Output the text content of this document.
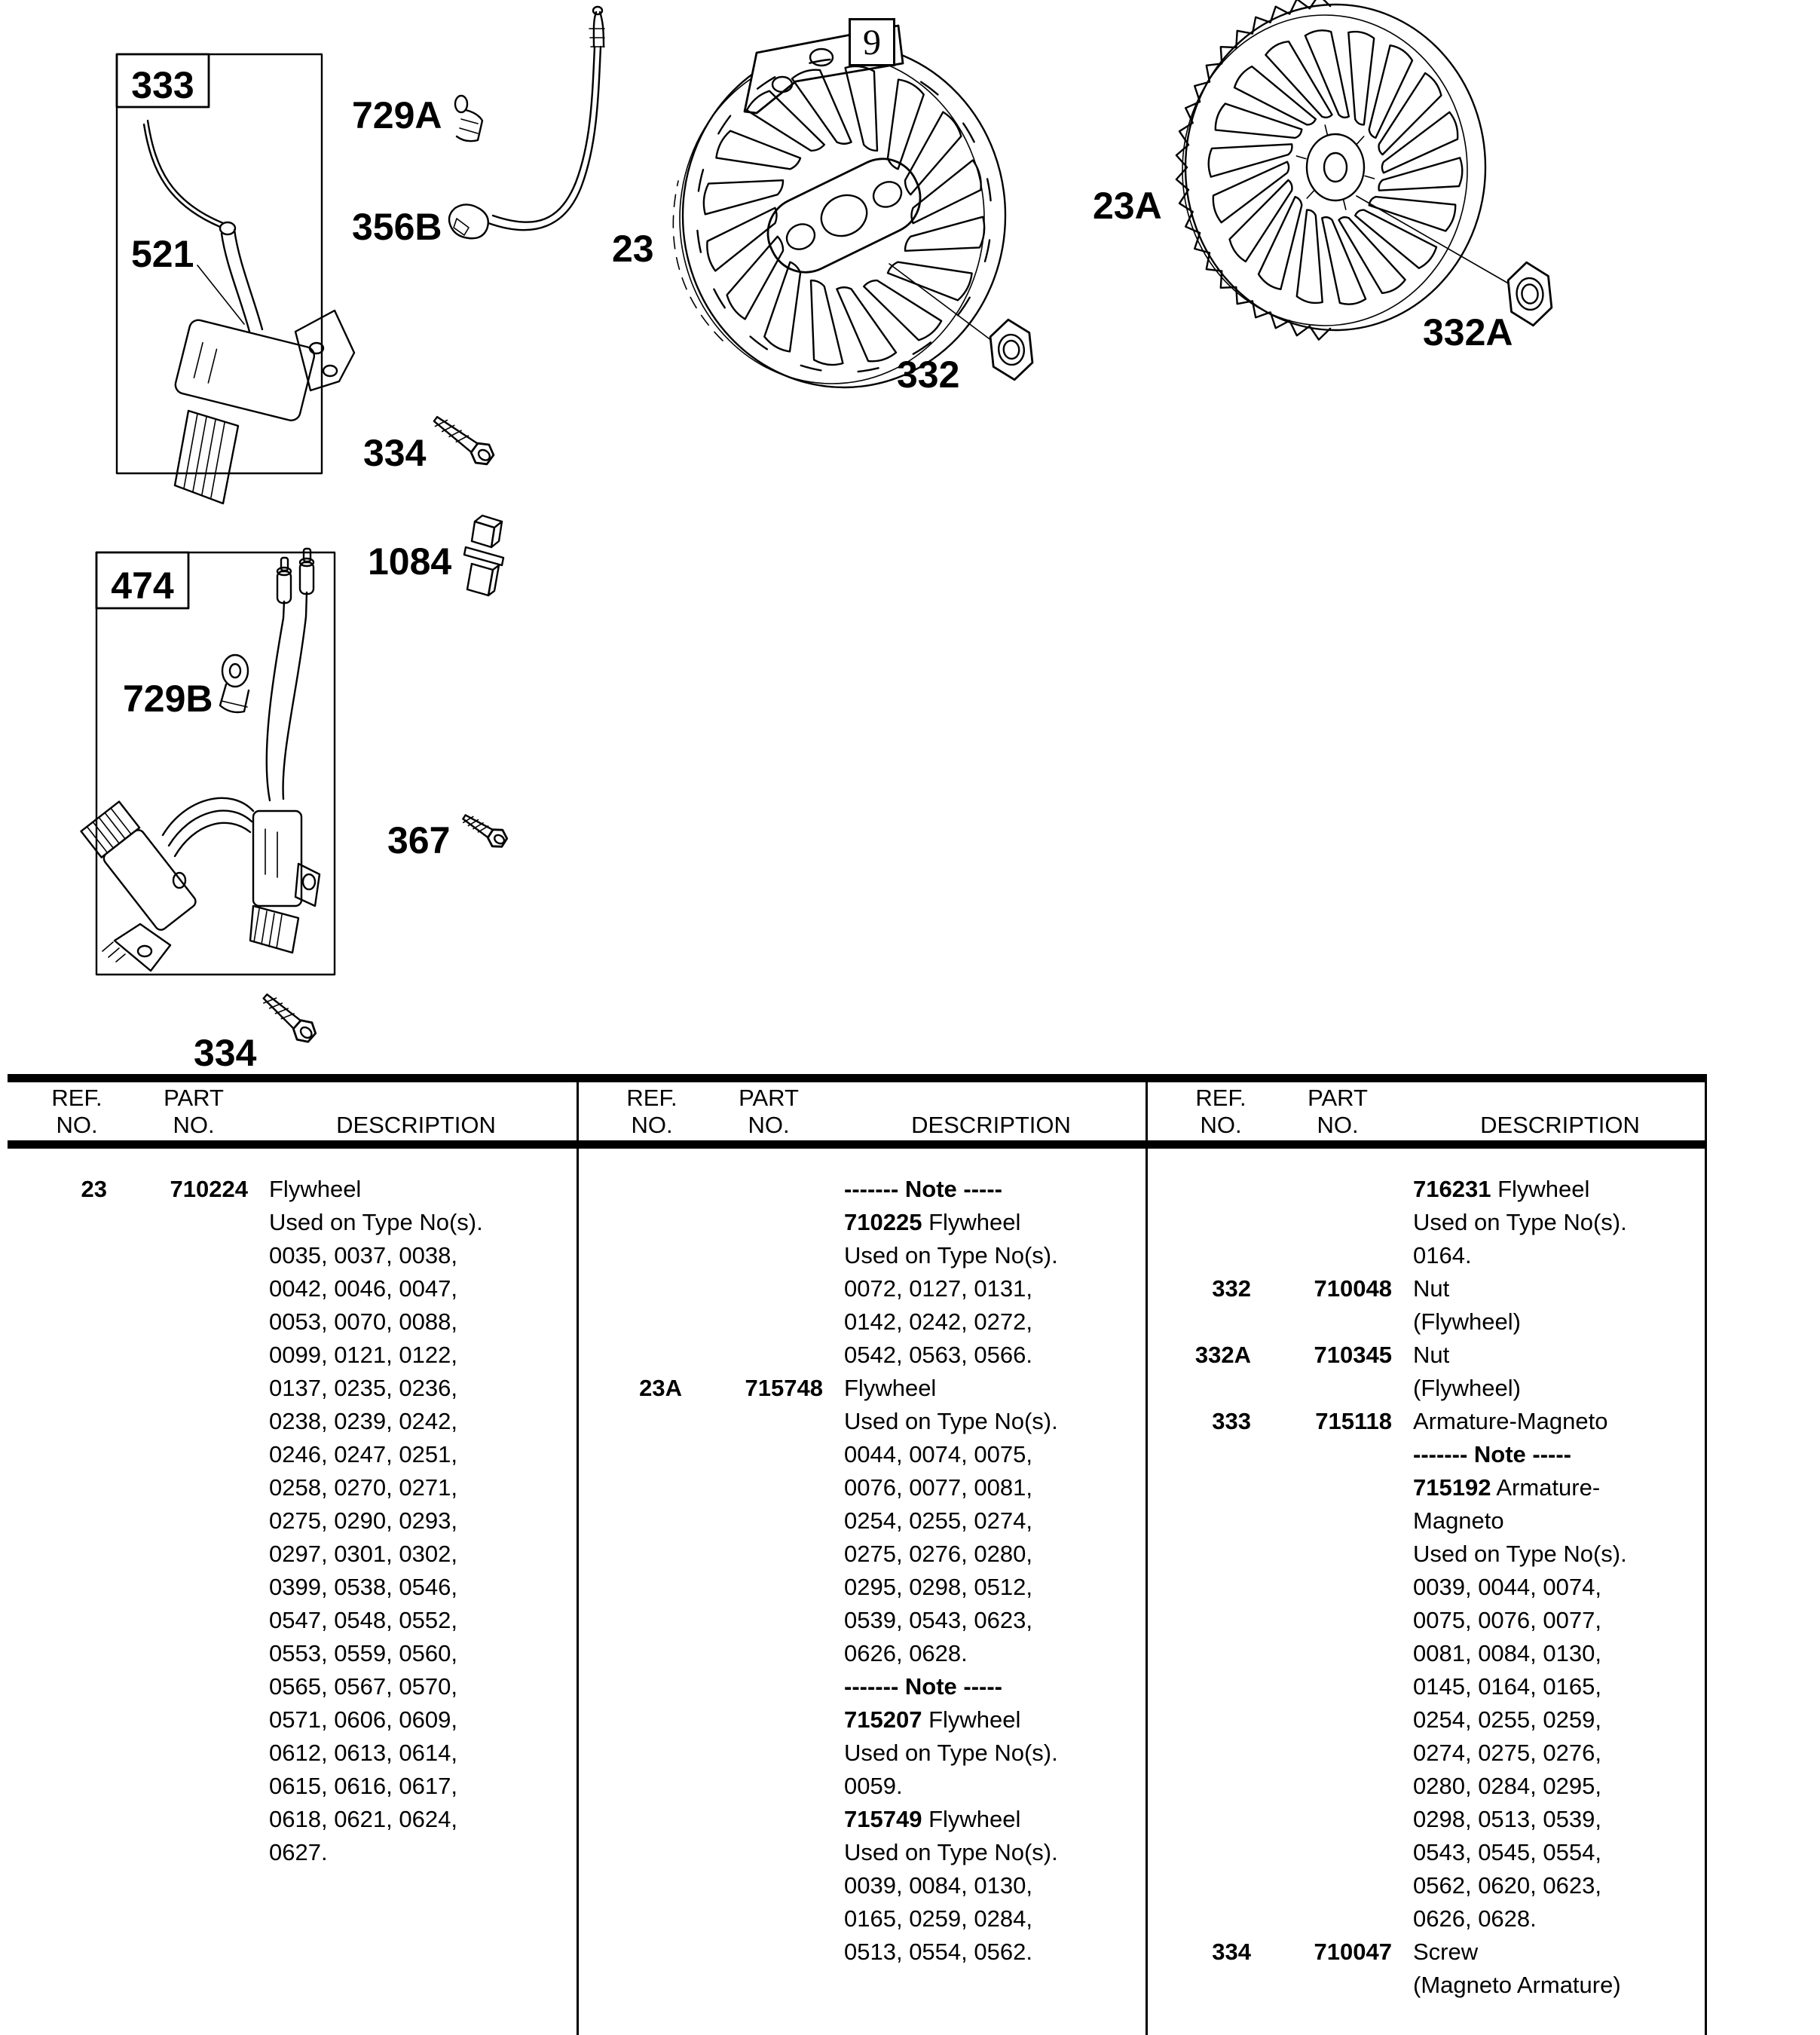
333
521
729A
356B
23
9
332
23A
332A
334
1084
474
729B
367
334
REF.
NO.
PART
NO.	DESCRIPTION
REF.
NO.
PART
NO.	DESCRIPTION
REF.
NO.
PART
NO.	DESCRIPTION
23	710224 Flywheel
Used on Type No(s).
0035, 0037, 0038,
0042, 0046, 0047,
0053, 0070, 0088,
0099, 0121, 0122,
0137, 0235, 0236,
0238, 0239, 0242,
0246, 0247, 0251,
0258, 0270, 0271,
0275, 0290, 0293,
0297, 0301, 0302,
0399, 0538, 0546,
0547, 0548, 0552,
0553, 0559, 0560,
0565, 0567, 0570,
0571, 0606, 0609,
0612, 0613, 0614,
0615, 0616, 0617,
0618, 0621, 0624,
0627.
------- Note -----
710225 Flywheel
Used on Type No(s).
0072, 0127, 0131,
0142, 0242, 0272,
0542, 0563, 0566.
23A	715748 Flywheel
Used on Type No(s).
0044, 0074, 0075,
0076, 0077, 0081,
0254, 0255, 0274,
0275, 0276, 0280,
0295, 0298, 0512,
0539, 0543, 0623,
0626, 0628.
------- Note -----
715207 Flywheel
Used on Type No(s).
0059.
715749 Flywheel
Used on Type No(s).
0039, 0084, 0130,
0165, 0259, 0284,
0513, 0554, 0562.
716231 Flywheel
Used on Type No(s).
0164.
332	710048 Nut
(Flywheel)
332A	710345 Nut
(Flywheel)
333	715118 Armature-Magneto
------- Note -----
715192 Armature-
Magneto
Used on Type No(s).
0039, 0044, 0074,
0075, 0076, 0077,
0081, 0084, 0130,
0145, 0164, 0165,
0254, 0255, 0259,
0274, 0275, 0276,
0280, 0284, 0295,
0298, 0513, 0539,
0543, 0545, 0554,
0562, 0620, 0623,
0626, 0628.
334	710047 Screw
(Magneto Armature)
